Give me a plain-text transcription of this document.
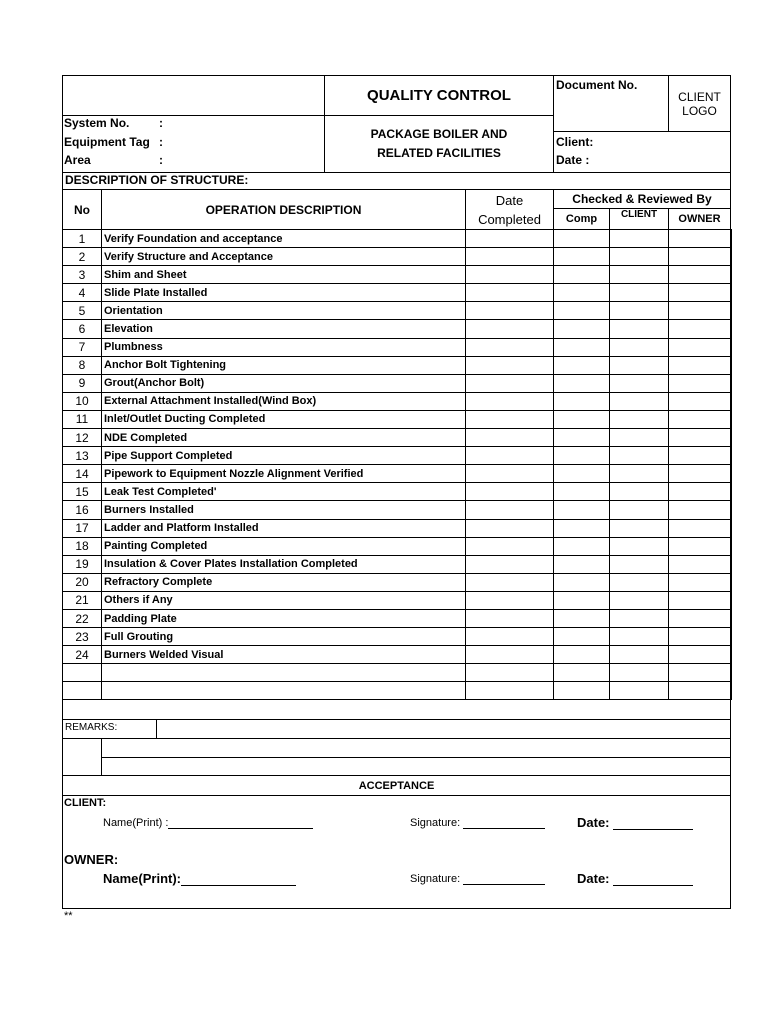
QUALITY CONTROL
Document No.
CLIENT LOGO
System No. :
Equipment Tag :
Area	:
PACKAGE BOILER AND RELATED FACILITIES
Client:
Date :
DESCRIPTION OF STRUCTURE:
No	OPERATION DESCRIPTION
Date Completed
Checked & Reviewed By
Comp	CLIENT	OWNER
1	Verify Foundation and acceptance				
2	Verify Structure and Acceptance				
3	Shim and Sheet				
4	Slide Plate Installed				
5	Orientation				
6	Elevation				
7	Plumbness				
8	Anchor Bolt Tightening				
9	Grout(Anchor Bolt)				
10	External Attachment Installed(Wind Box)				
11	Inlet/Outlet Ducting Completed				
12	NDE Completed				
13	Pipe Support Completed				
14	Pipework to Equipment Nozzle Alignment Verified				
15	Leak Test Completed'				
16	Burners Installed				
17	Ladder and Platform Installed				
18	Painting Completed				
19	Insulation & Cover Plates Installation Completed				
20	Refractory Complete				
21	Others if Any				
22	Padding Plate				
23	Full Grouting				
24	Burners Welded Visual				

REMARKS:
ACCEPTANCE
CLIENT:
Name(Print) :	Signature:	Date:
OWNER:
Name(Print):	Signature:	Date:
**
